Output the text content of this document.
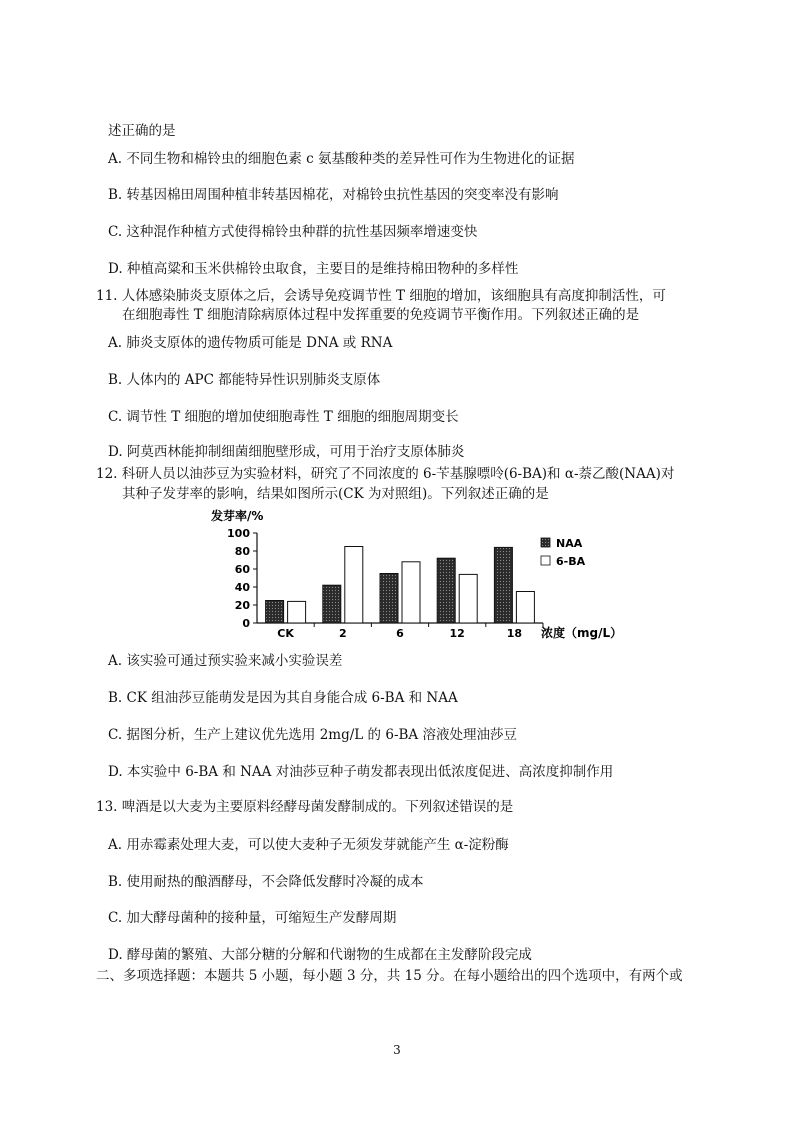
述正确的是
A. 不同生物和棉铃虫的细胞色素 c 氨基酸种类的差异性可作为生物进化的证据
B. 转基因棉田周围种植非转基因棉花，对棉铃虫抗性基因的突变率没有影响
C. 这种混作种植方式使得棉铃虫种群的抗性基因频率增速变快
D. 种植高粱和玉米供棉铃虫取食，主要目的是维持棉田物种的多样性
11. 人体感染肺炎支原体之后，会诱导免疫调节性 T 细胞的增加，该细胞具有高度抑制活性，可
在细胞毒性 T 细胞清除病原体过程中发挥重要的免疫调节平衡作用。下列叙述正确的是
A. 肺炎支原体的遗传物质可能是 DNA 或 RNA
B. 人体内的 APC 都能特异性识别肺炎支原体
C. 调节性 T 细胞的增加使细胞毒性 T 细胞的细胞周期变长
D. 阿莫西林能抑制细菌细胞壁形成，可用于治疗支原体肺炎
12. 科研人员以油莎豆为实验材料，研究了不同浓度的 6-苄基腺嘌呤(6-BA)和 α-萘乙酸(NAA)对
其种子发芽率的影响，结果如图所示(CK 为对照组)。下列叙述正确的是
发芽率/%
0
20
40
60
80
100
CK	2	6	12	18 浓度（mg/L）
NAA
6-BA
A. 该实验可通过预实验来减小实验误差
B. CK 组油莎豆能萌发是因为其自身能合成 6-BA 和 NAA
C. 据图分析，生产上建议优先选用 2mg/L 的 6-BA 溶液处理油莎豆
D. 本实验中 6-BA 和 NAA 对油莎豆种子萌发都表现出低浓度促进、高浓度抑制作用
13. 啤酒是以大麦为主要原料经酵母菌发酵制成的。下列叙述错误的是
A. 用赤霉素处理大麦，可以使大麦种子无须发芽就能产生 α-淀粉酶
B. 使用耐热的酿酒酵母，不会降低发酵时冷凝的成本
C. 加大酵母菌种的接种量，可缩短生产发酵周期
D. 酵母菌的繁殖、大部分糖的分解和代谢物的生成都在主发酵阶段完成
二、多项选择题：本题共 5 小题，每小题 3 分，共 15 分。在每小题给出的四个选项中，有两个或
3
